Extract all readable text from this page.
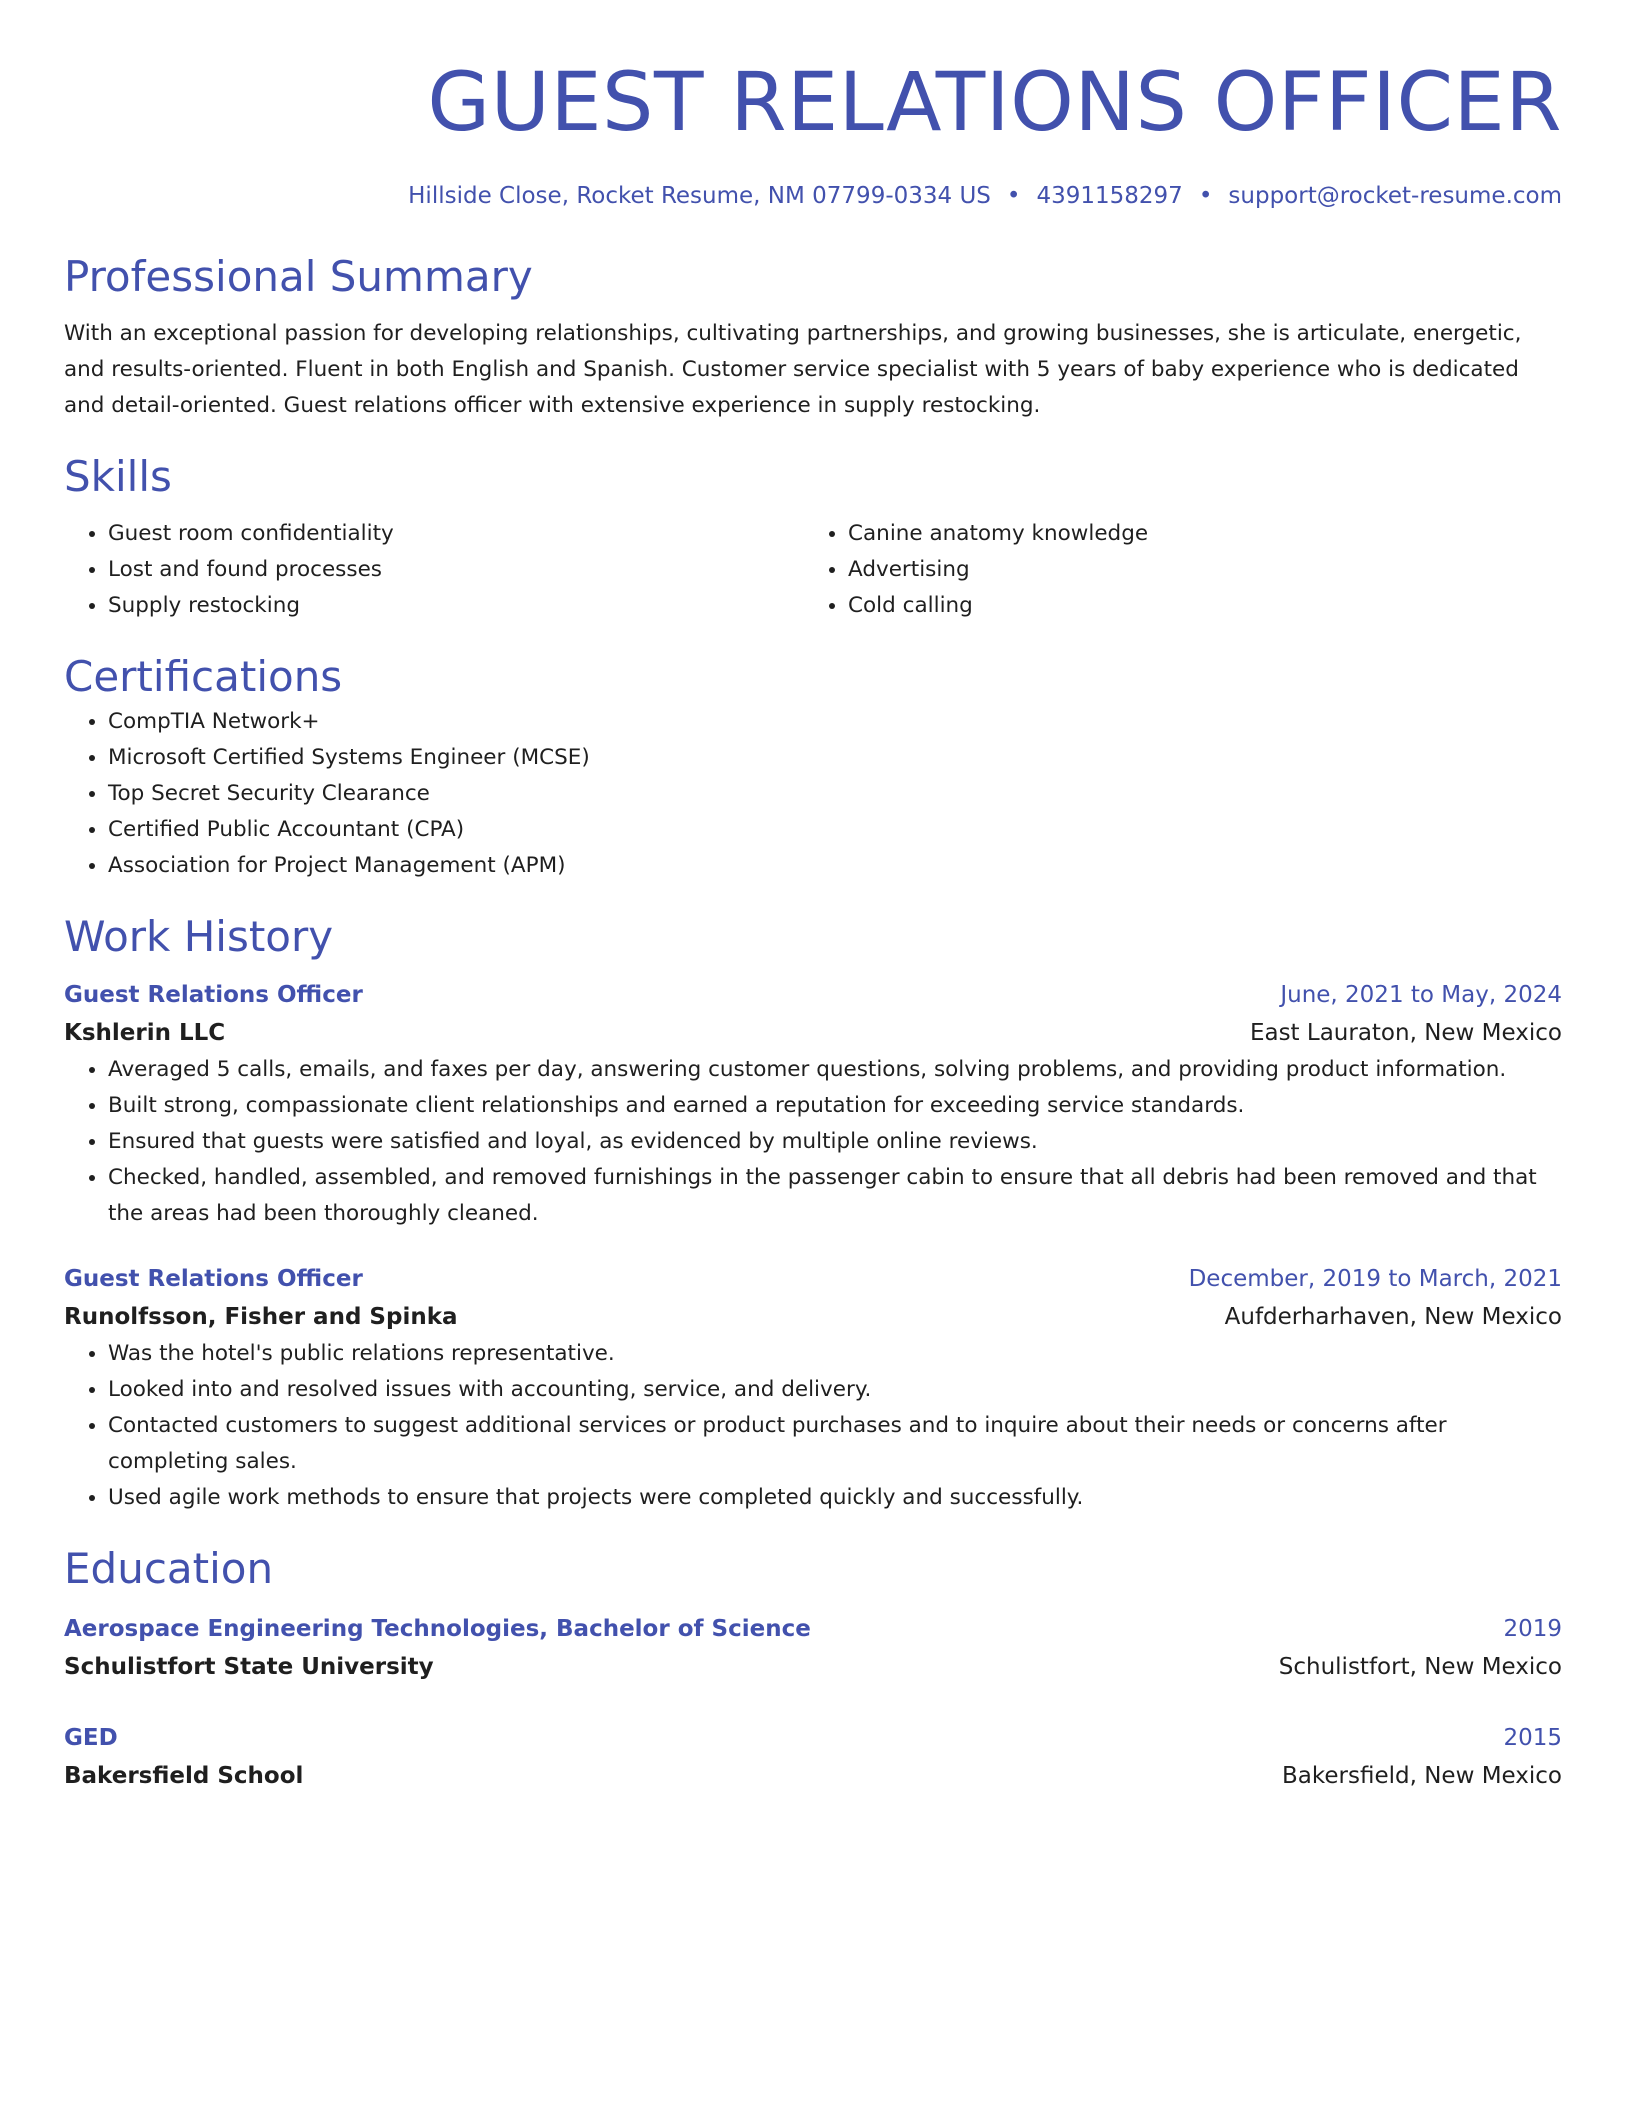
GUEST RELATIONS OFFICER
Hillside Close, Rocket Resume, NM 07799-0334 US • 4391158297 • support@rocket-resume.com
Professional Summary

With an exceptional passion for developing relationships, cultivating partnerships, and growing businesses, she is articulate, energetic, and results-oriented. Fluent in both English and Spanish. Customer service specialist with 5 years of baby experience who is dedicated and detail-oriented. Guest relations officer with extensive experience in supply restocking.

Skills
• Guest room confidentiality
• Lost and found processes
• Supply restocking
• Canine anatomy knowledge
• Advertising
• Cold calling
Certifications
• CompTIA Network+
• Microsoft Certified Systems Engineer (MCSE)
• Top Secret Security Clearance
• Certified Public Accountant (CPA)
• Association for Project Management (APM)
Work History
Guest Relations Officer	June, 2021 to May, 2024
Kshlerin LLC	East Lauraton, New Mexico
• Averaged 5 calls, emails, and faxes per day, answering customer questions, solving problems, and providing product information.
• Built strong, compassionate client relationships and earned a reputation for exceeding service standards.
• Ensured that guests were satisfied and loyal, as evidenced by multiple online reviews.
• Checked, handled, assembled, and removed furnishings in the passenger cabin to ensure that all debris had been removed and that the areas had been thoroughly cleaned.
Guest Relations Officer	December, 2019 to March, 2021
Runolfsson, Fisher and Spinka	Aufderharhaven, New Mexico
• Was the hotel's public relations representative.
• Looked into and resolved issues with accounting, service, and delivery.
• Contacted customers to suggest additional services or product purchases and to inquire about their needs or concerns after completing sales.
• Used agile work methods to ensure that projects were completed quickly and successfully.
Education
Aerospace Engineering Technologies, Bachelor of Science	2019
Schulistfort State University	Schulistfort, New Mexico
GED	2015
Bakersfield School	Bakersfield, New Mexico
